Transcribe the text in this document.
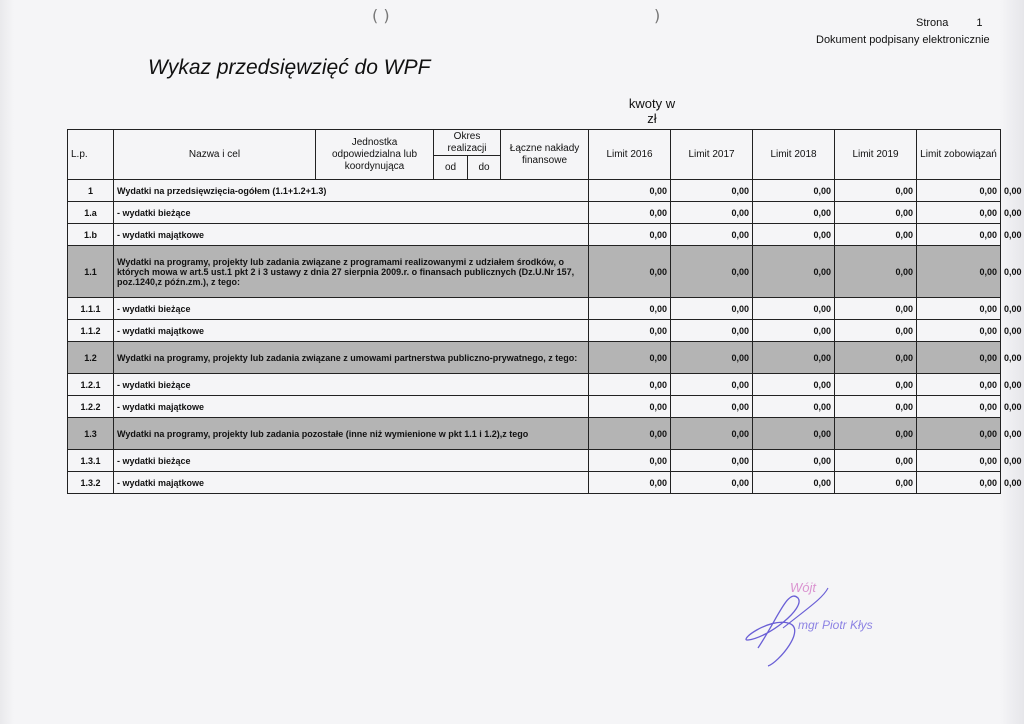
( )	)
Wykaz przedsięwzięć do WPF
Strona	1
Dokument podpisany elektronicznie
kwoty w
zł
L.p.	Nazwa i cel	Jednostka odpowiedzialna lub koordynująca	Okres realizacji		Łączne nakłady finansowe	Limit 2016	Limit 2017	Limit 2018	Limit 2019	Limit zobowiązań	
			od	do							
1	Wydatki na przedsięwzięcia-ogółem (1.1+1.2+1.3)					0,00	0,00	0,00	0,00	0,00	
1.a	- wydatki bieżące					0,00	0,00	0,00	0,00	0,00	
1.b	- wydatki majątkowe					0,00	0,00	0,00	0,00	0,00	
1.1	Wydatki na programy, projekty lub zadania związane z programami realizowanymi z udziałem środków, o których mowa w art.5 ust.1 pkt 2 i 3 ustawy z dnia 27 sierpnia 2009.r. o finansach publicznych (Dz.U.Nr 157, poz.1240,z późn.zm.), z tego:					0,00	0,00	0,00	0,00	0,00	
1.1.1	- wydatki bieżące					0,00	0,00	0,00	0,00	0,00	
1.1.2	- wydatki majątkowe					0,00	0,00	0,00	0,00	0,00	
1.2	Wydatki na programy, projekty lub zadania związane z umowami partnerstwa publiczno-prywatnego, z tego:					0,00	0,00	0,00	0,00	0,00	
1.2.1	- wydatki bieżące					0,00	0,00	0,00	0,00	0,00	
1.2.2	- wydatki majątkowe					0,00	0,00	0,00	0,00	0,00	
1.3	Wydatki na programy, projekty lub zadania pozostałe (inne niż wymienione w pkt 1.1 i 1.2),z tego					0,00	0,00	0,00	0,00	0,00	
1.3.1	- wydatki bieżące					0,00	0,00	0,00	0,00	0,00	
1.3.2	- wydatki majątkowe					0,00	0,00	0,00	0,00	0,00	
Wójt
mgr Piotr Kłys
